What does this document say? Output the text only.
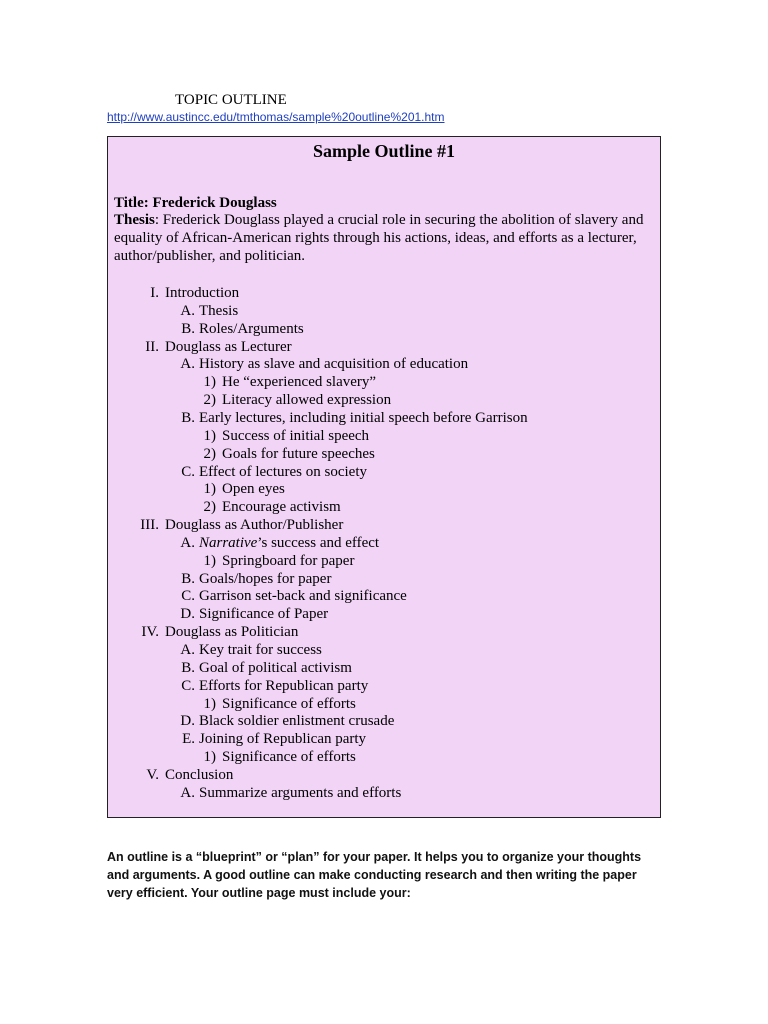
TOPIC OUTLINE
http://www.austincc.edu/tmthomas/sample%20outline%201.htm
Sample Outline #1
Title: Frederick Douglass
Thesis: Frederick Douglass played a crucial role in securing the abolition of slavery and equality of African-American rights through his actions, ideas, and efforts as a lecturer, author/publisher, and politician.
I. Introduction
A. Thesis
B. Roles/Arguments
II. Douglass as Lecturer
A. History as slave and acquisition of education
1) He “experienced slavery”
2) Literacy allowed expression
B. Early lectures, including initial speech before Garrison
1) Success of initial speech
2) Goals for future speeches
C. Effect of lectures on society
1) Open eyes
2) Encourage activism
III. Douglass as Author/Publisher
A. Narrative’s success and effect
1) Springboard for paper
B. Goals/hopes for paper
C. Garrison set-back and significance
D. Significance of Paper
IV. Douglass as Politician
A. Key trait for success
B. Goal of political activism
C. Efforts for Republican party
1) Significance of efforts
D. Black soldier enlistment crusade
E. Joining of Republican party
1) Significance of efforts
V. Conclusion
A. Summarize arguments and efforts
An outline is a “blueprint” or “plan” for your paper. It helps you to organize your thoughts and arguments. A good outline can make conducting research and then writing the paper very efficient. Your outline page must include your:
